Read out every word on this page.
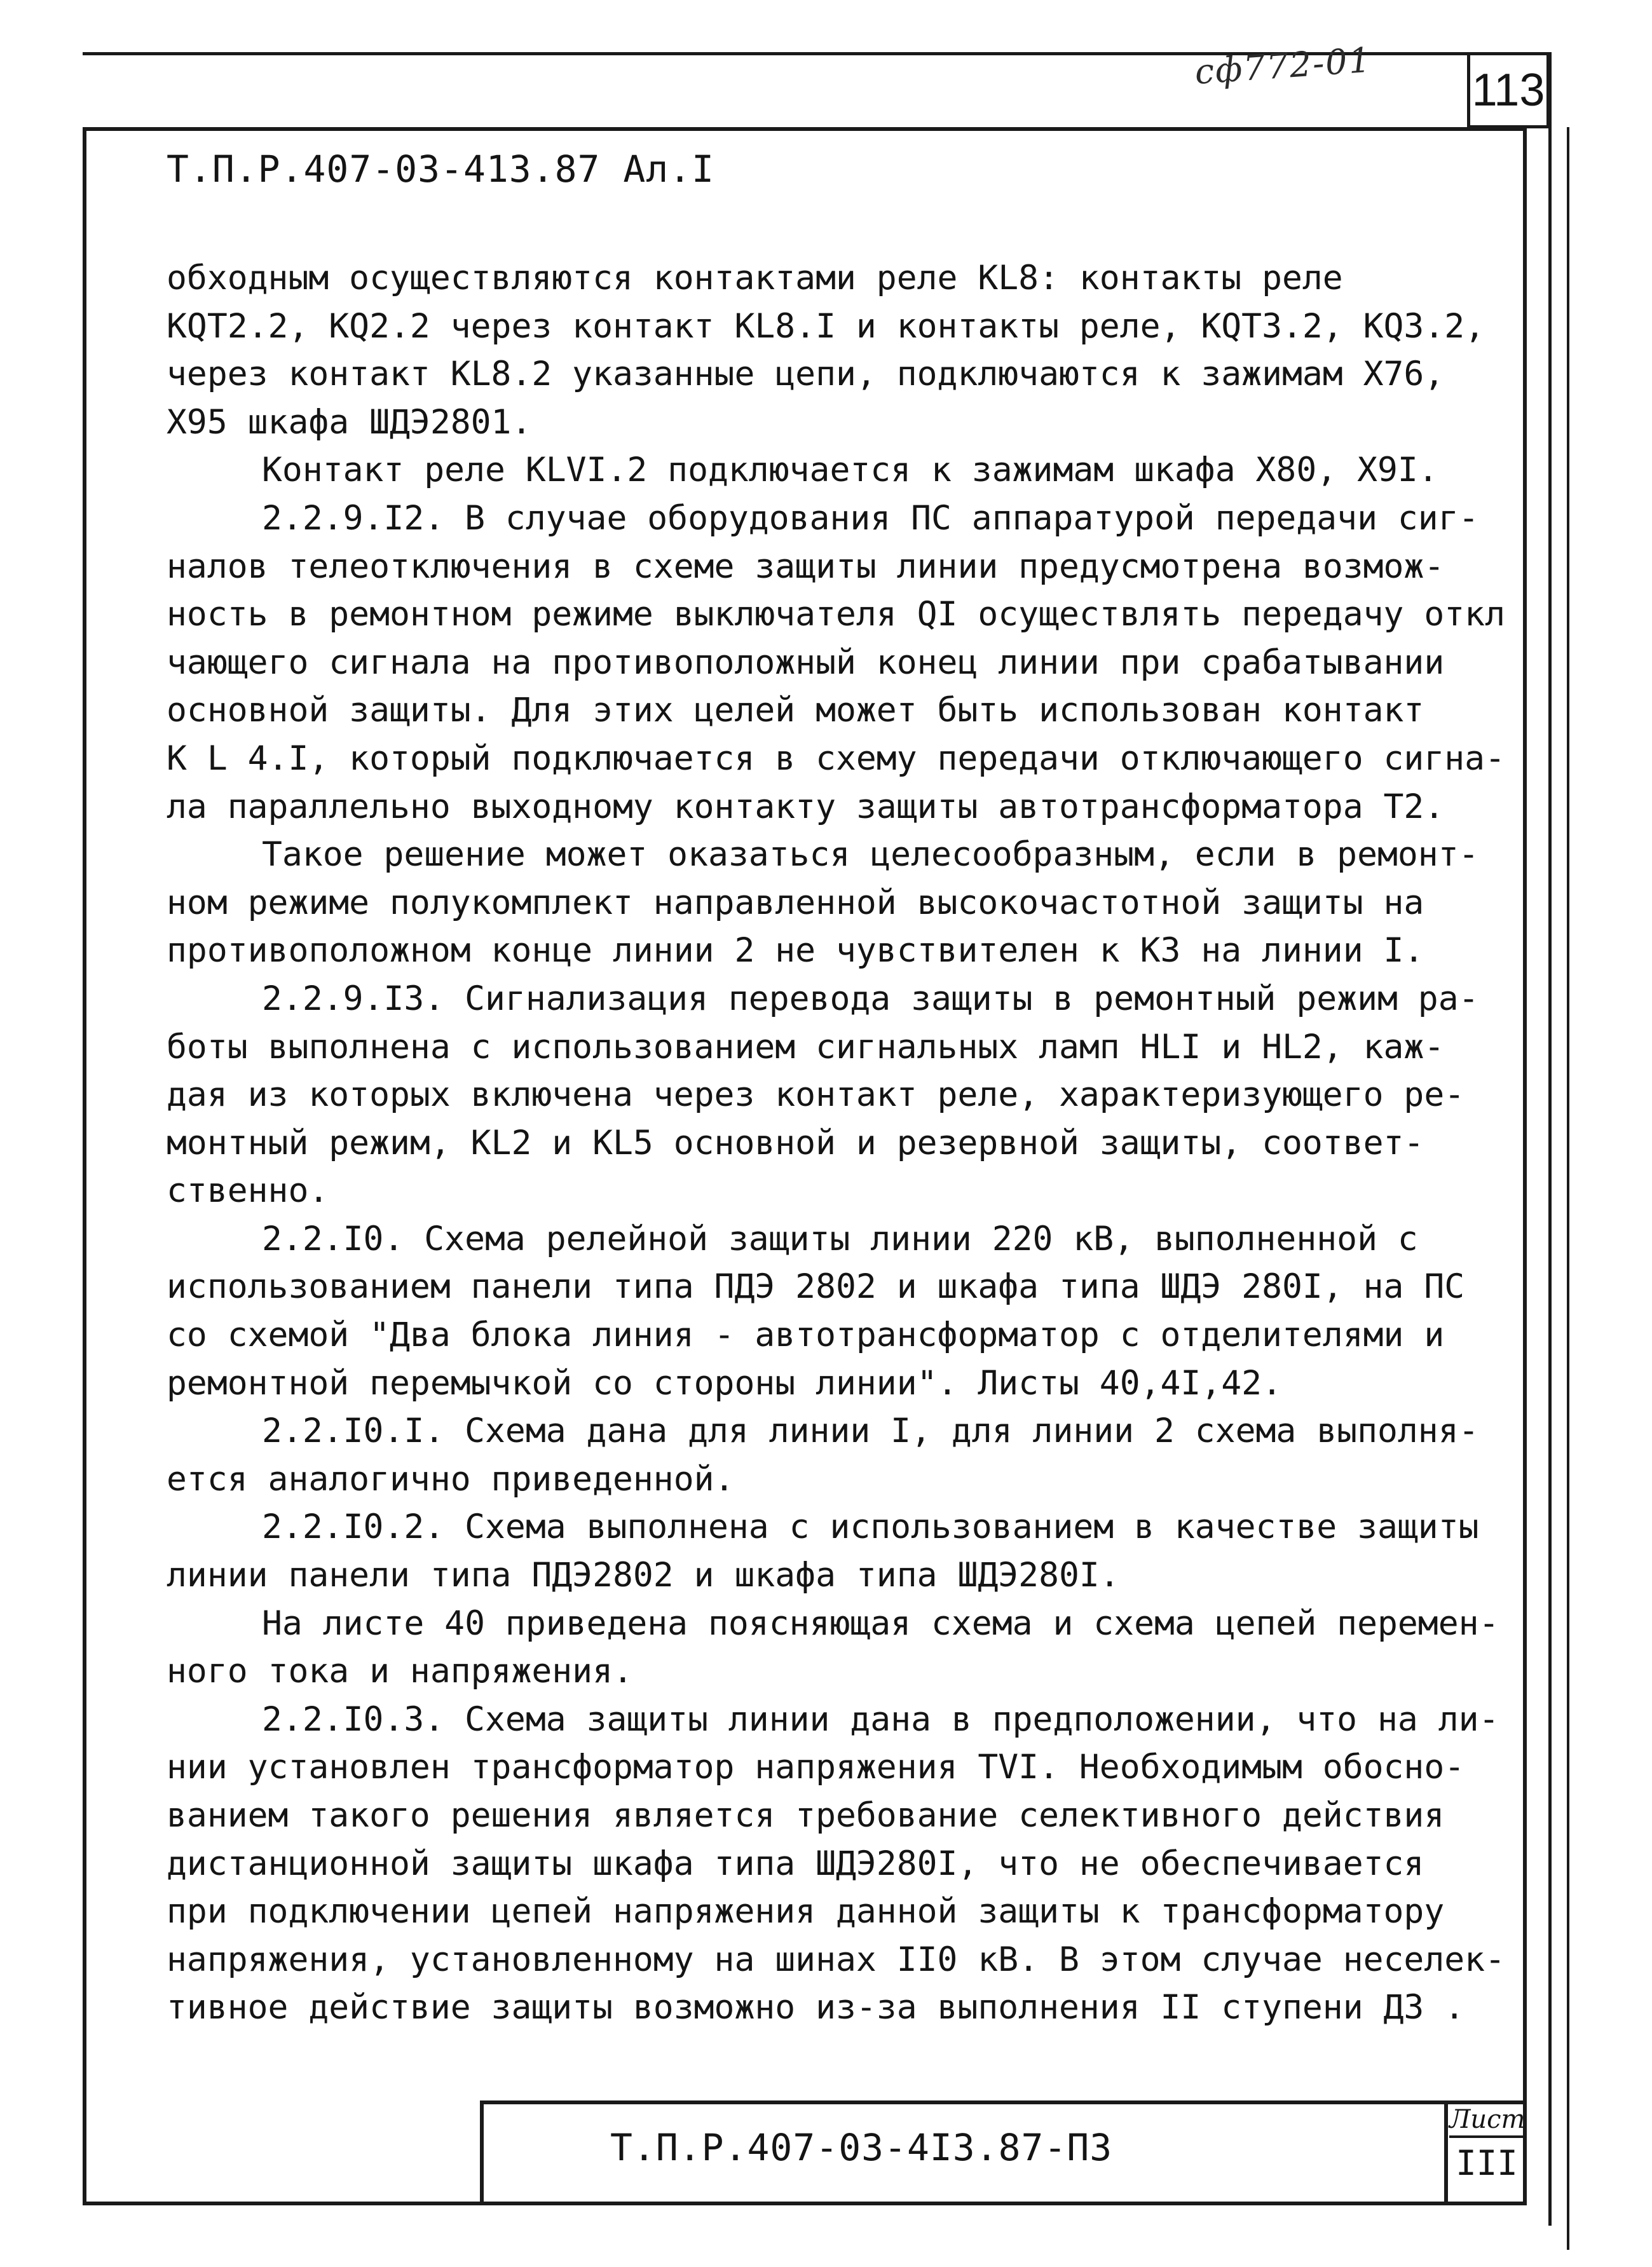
сф772-01	113
Т.П.Р.407-03-413.87 Ал.I
обходным осуществляются контактами реле KL8: контакты реле
KQT2.2, KQ2.2 через контакт KL8.I и контакты реле, KQT3.2, KQ3.2,
через контакт KL8.2 указанные цепи, подключаются к зажимам X76,
X95 шкафа ШДЭ2801.
Контакт реле KLVI.2 подключается к зажимам шкафа X80, X9I.
2.2.9.I2. В случае оборудования ПС аппаратурой передачи сиг-
налов телеотключения в схеме защиты линии предусмотрена возмож-
ность в ремонтном режиме выключателя QI осуществлять передачу откл
чающего сигнала на противоположный конец линии при срабатывании
основной защиты. Для этих целей может быть использован контакт
K L 4.I, который подключается в схему передачи отключающего сигна-
ла параллельно выходному контакту защиты автотрансформатора Т2.
Такое решение может оказаться целесообразным, если в ремонт-
ном режиме полукомплект направленной высокочастотной защиты на
противоположном конце линии 2 не чувствителен к КЗ на линии I.
2.2.9.I3. Сигнализация перевода защиты в ремонтный режим ра-
боты выполнена с использованием сигнальных ламп HLI и HL2, каж-
дая из которых включена через контакт реле, характеризующего ре-
монтный режим, KL2 и KL5 основной и резервной защиты, соответ-
ственно.
2.2.I0. Схема релейной защиты линии 220 кВ, выполненной с
использованием панели типа ПДЭ 2802 и шкафа типа ШДЭ 280I, на ПС
со схемой "Два блока линия - автотрансформатор с отделителями и
ремонтной перемычкой со стороны линии". Листы 40,4I,42.
2.2.I0.I. Схема дана для линии I, для линии 2 схема выполня-
ется аналогично приведенной.
2.2.I0.2. Схема выполнена с использованием в качестве защиты
линии панели типа ПДЭ2802 и шкафа типа ШДЭ280I.
На листе 40 приведена поясняющая схема и схема цепей перемен-
ного тока и напряжения.
2.2.I0.3. Схема защиты линии дана в предположении, что на ли-
нии установлен трансформатор напряжения TVI. Необходимым обосно-
ванием такого решения является требование селективного действия
дистанционной защиты шкафа типа ШДЭ280I, что не обеспечивается
при подключении цепей напряжения данной защиты к трансформатору
напряжения, установленному на шинах II0 кВ. В этом случае неселек-
тивное действие защиты возможно из-за выполнения II ступени ДЗ .
Т.П.Р.407-03-4I3.87-ПЗ
Лист
III
